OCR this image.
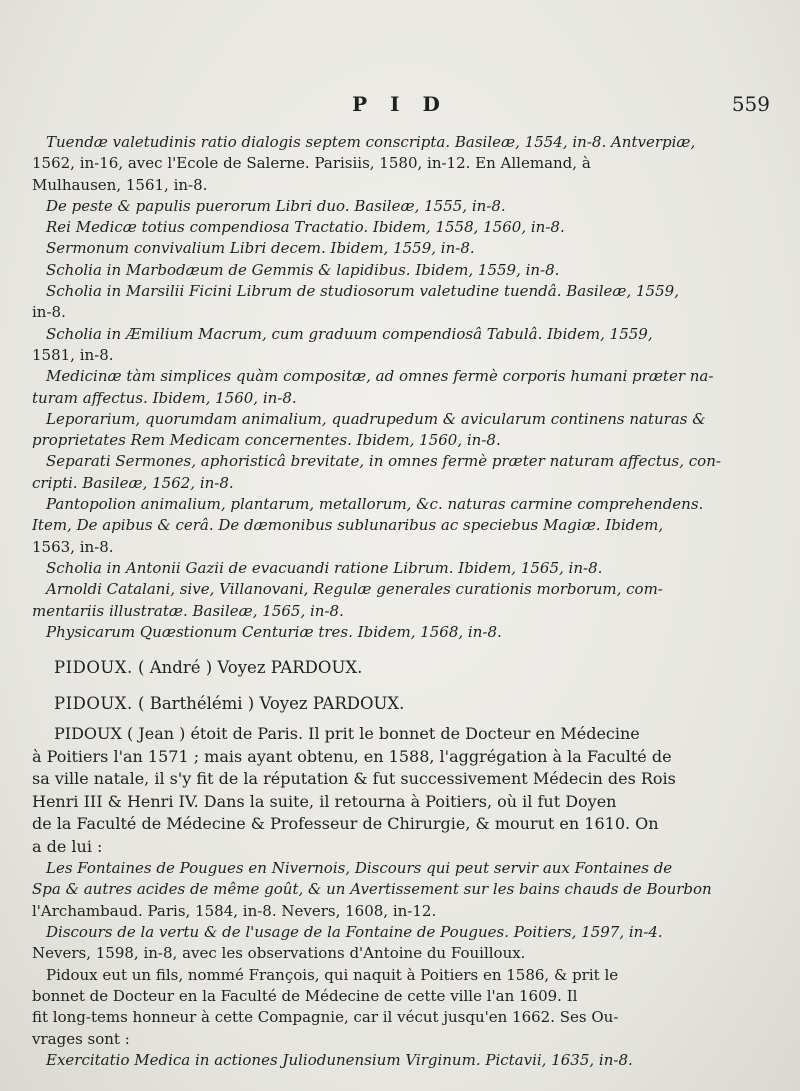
P I D	559
Tuendæ valetudinis ratio dialogis septem conscripta. Basileæ, 1554, in-8. Antverpiæ,
1562, in-16, avec l'Ecole de Salerne. Parisiis, 1580, in-12. En Allemand, à
Mulhausen, 1561, in-8.
De peste & papulis puerorum Libri duo. Basileæ, 1555, in-8.
Rei Medicæ totius compendiosa Tractatio. Ibidem, 1558, 1560, in-8.
Sermonum convivalium Libri decem. Ibidem, 1559, in-8.
Scholia in Marbodæum de Gemmis & lapidibus. Ibidem, 1559, in-8.
Scholia in Marsilii Ficini Librum de studiosorum valetudine tuendâ. Basileæ, 1559,
in-8.
Scholia in Æmilium Macrum, cum graduum compendiosâ Tabulâ. Ibidem, 1559,
1581, in-8.
Medicinæ tàm simplices quàm compositæ, ad omnes fermè corporis humani præter na-
turam affectus. Ibidem, 1560, in-8.
Leporarium, quorumdam animalium, quadrupedum & avicularum continens naturas &
proprietates Rem Medicam concernentes. Ibidem, 1560, in-8.
Separati Sermones, aphoristicâ brevitate, in omnes fermè præter naturam affectus, con-
cripti. Basileæ, 1562, in-8.
Pantopolion animalium, plantarum, metallorum, &c. naturas carmine comprehendens.
Item, De apibus & cerâ. De dæmonibus sublunaribus ac speciebus Magiæ. Ibidem,
1563, in-8.
Scholia in Antonii Gazii de evacuandi ratione Librum. Ibidem, 1565, in-8.
Arnoldi Catalani, sive, Villanovani, Regulæ generales curationis morborum, com-
mentariis illustratæ. Basileæ, 1565, in-8.
Physicarum Quæstionum Centuriæ tres. Ibidem, 1568, in-8.
PIDOUX. ( André ) Voyez PARDOUX.
PIDOUX. ( Barthélémi ) Voyez PARDOUX.
PIDOUX ( Jean ) étoit de Paris. Il prit le bonnet de Docteur en Médecine
à Poitiers l'an 1571 ; mais ayant obtenu, en 1588, l'aggrégation à la Faculté de
sa ville natale, il s'y fit de la réputation & fut successivement Médecin des Rois
Henri III & Henri IV. Dans la suite, il retourna à Poitiers, où il fut Doyen
de la Faculté de Médecine & Professeur de Chirurgie, & mourut en 1610. On
a de lui :
Les Fontaines de Pougues en Nivernois, Discours qui peut servir aux Fontaines de
Spa & autres acides de même goût, & un Avertissement sur les bains chauds de Bourbon
l'Archambaud. Paris, 1584, in-8. Nevers, 1608, in-12.
Discours de la vertu & de l'usage de la Fontaine de Pougues. Poitiers, 1597, in-4.
Nevers, 1598, in-8, avec les observations d'Antoine du Fouilloux.
Pidoux eut un fils, nommé François, qui naquit à Poitiers en 1586, & prit le
bonnet de Docteur en la Faculté de Médecine de cette ville l'an 1609. Il
fit long-tems honneur à cette Compagnie, car il vécut jusqu'en 1662. Ses Ou-
vrages sont :
Exercitatio Medica in actiones Juliodunensium Virginum. Pictavii, 1635, in-8.
